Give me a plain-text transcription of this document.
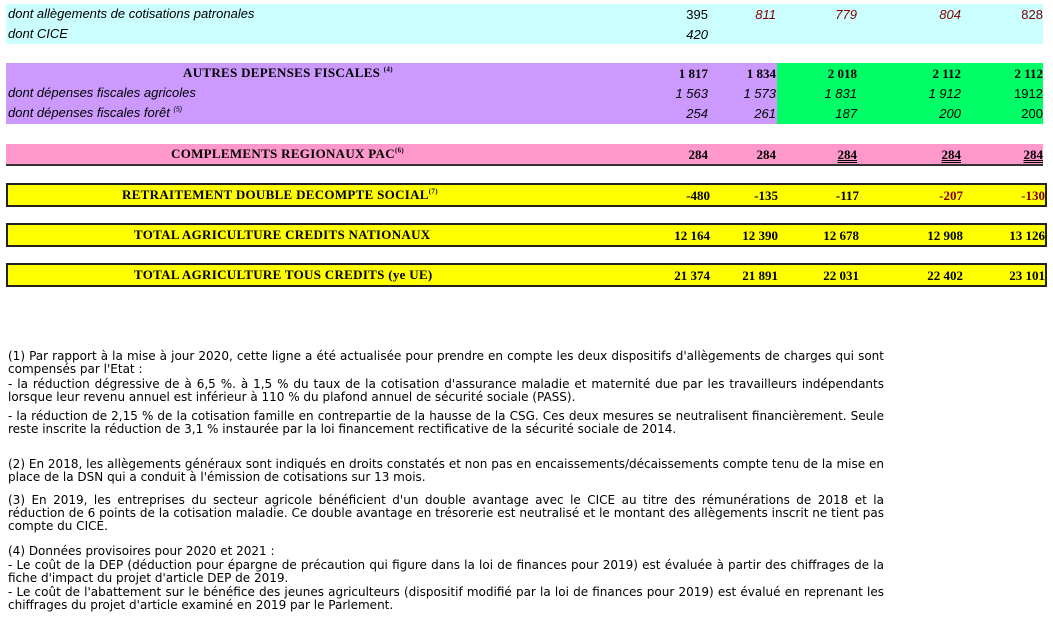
dont allègements de cotisations patronales	395	811	779	804	828
dont CICE	420
AUTRES DEPENSES FISCALES $^{(4)}$	1 817	1 834	2 018	2 112	2 112
dont dépenses fiscales agricoles	1 563	1 573	1 831	1 912	1912
dont dépenses fiscales forêt $^{(5)}$	254	261	187	200	200
COMPLEMENTS REGIONAUX PAC$^{(6)}$	284	284	284	284	284
RETRAITEMENT DOUBLE DECOMPTE SOCIAL$^{(7)}$	-480	-135	-117	-207	-130
TOTAL AGRICULTURE CREDITS NATIONAUX	12 164	12 390	12 678	12 908	13 126
TOTAL AGRICULTURE TOUS CREDITS (ye UE)	21 374	21 891	22 031	22 402	23 101
(1) Par rapport à la mise à jour 2020, cette ligne a été actualisée pour prendre en compte les deux dispositifs d'allègements de charges qui sont compensés par l'Etat :
- la réduction dégressive de à 6,5 %. à 1,5 % du taux de la cotisation d'assurance maladie et maternité due par les travailleurs indépendants lorsque leur revenu annuel est inférieur à 110 % du plafond annuel de sécurité sociale (PASS).
- la réduction de 2,15 % de la cotisation famille en contrepartie de la hausse de la CSG. Ces deux mesures se neutralisent financièrement. Seule reste inscrite la réduction de 3,1 % instaurée par la loi financement rectificative de la sécurité sociale de 2014.
(2) En 2018, les allègements généraux sont indiqués en droits constatés et non pas en encaissements/décaissements compte tenu de la mise en place de la DSN qui a conduit à l'émission de cotisations sur 13 mois.
(3) En 2019, les entreprises du secteur agricole bénéficient d'un double avantage avec le CICE au titre des rémunérations de 2018 et la réduction de 6 points de la cotisation maladie. Ce double avantage en trésorerie est neutralisé et le montant des allègements inscrit ne tient pas compte du CICE.
(4) Données provisoires pour 2020 et 2021 :
- Le coût de la DEP (déduction pour épargne de précaution qui figure dans la loi de finances pour 2019) est évaluée à partir des chiffrages de la fiche d'impact du projet d'article DEP de 2019.
- Le coût de l'abattement sur le bénéfice des jeunes agriculteurs (dispositif modifié par la loi de finances pour 2019) est évalué en reprenant les chiffrages du projet d'article examiné en 2019 par le Parlement.
